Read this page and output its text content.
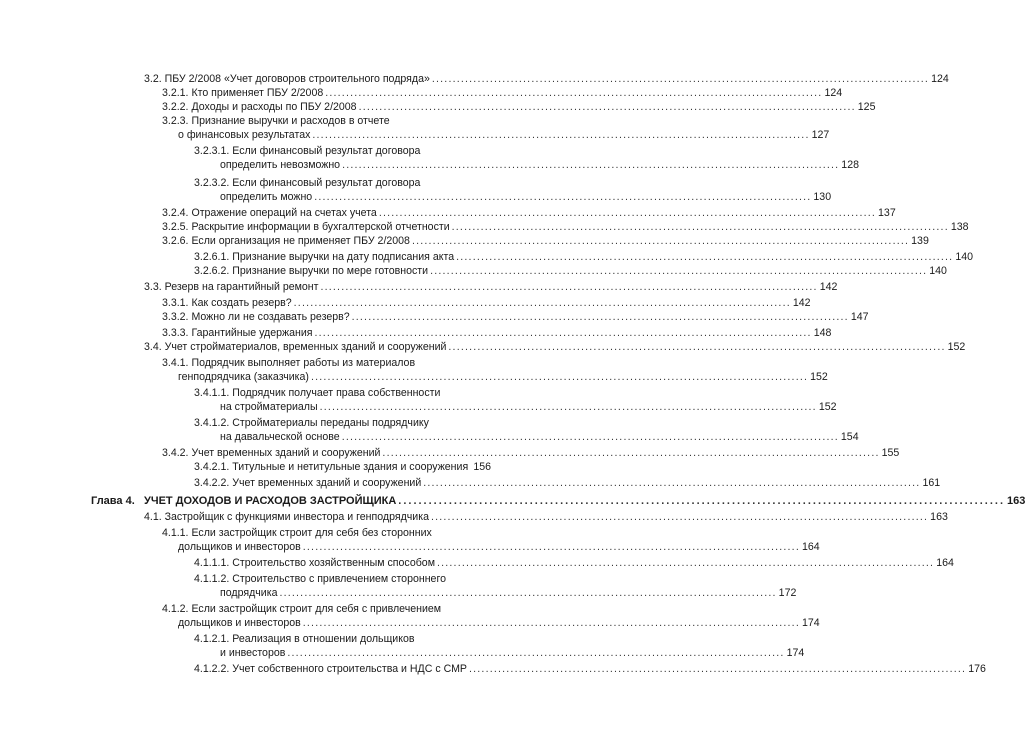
Глава 4.
3.2. ПБУ 2/2008 «Учет договоров строительного подряда» ........................................................................................................................ 124
3.2.1. Кто применяет ПБУ 2/2008 ........................................................................................................................ 124
3.2.2. Доходы и расходы по ПБУ 2/2008 ........................................................................................................................ 125
3.2.3. Признание выручки и расходов в отчете
о финансовых результатах ........................................................................................................................ 127
3.2.3.1. Если финансовый результат договора
определить невозможно ........................................................................................................................ 128
3.2.3.2. Если финансовый результат договора
определить можно ........................................................................................................................ 130
3.2.4. Отражение операций на счетах учета ........................................................................................................................ 137
3.2.5. Раскрытие информации в бухгалтерской отчетности ........................................................................................................................ 138
3.2.6. Если организация не применяет ПБУ 2/2008 ........................................................................................................................ 139
3.2.6.1. Признание выручки на дату подписания акта ........................................................................................................................ 140
3.2.6.2. Признание выручки по мере готовности ........................................................................................................................ 140
3.3. Резерв на гарантийный ремонт ........................................................................................................................ 142
3.3.1. Как создать резерв? ........................................................................................................................ 142
3.3.2. Можно ли не создавать резерв? ........................................................................................................................ 147
3.3.3. Гарантийные удержания ........................................................................................................................ 148
3.4. Учет стройматериалов, временных зданий и сооружений ........................................................................................................................ 152
3.4.1. Подрядчик выполняет работы из материалов
генподрядчика (заказчика) ........................................................................................................................ 152
3.4.1.1. Подрядчик получает права собственности
на стройматериалы ........................................................................................................................ 152
3.4.1.2. Стройматериалы переданы подрядчику
на давальческой основе ........................................................................................................................ 154
3.4.2. Учет временных зданий и сооружений ........................................................................................................................ 155
3.4.2.1. Титульные и нетитульные здания и сооружения 156
3.4.2.2. Учет временных зданий и сооружений ........................................................................................................................ 161
УЧЕТ ДОХОДОВ И РАСХОДОВ ЗАСТРОЙЩИКА ........................................................................................................................ 163
4.1. Застройщик с функциями инвестора и генподрядчика ........................................................................................................................ 163
4.1.1. Если застройщик строит для себя без сторонних
дольщиков и инвесторов ........................................................................................................................ 164
4.1.1.1. Строительство хозяйственным способом ........................................................................................................................ 164
4.1.1.2. Строительство с привлечением стороннего
подрядчика ........................................................................................................................ 172
4.1.2. Если застройщик строит для себя с привлечением
дольщиков и инвесторов ........................................................................................................................ 174
4.1.2.1. Реализация в отношении дольщиков
и инвесторов ........................................................................................................................ 174
4.1.2.2. Учет собственного строительства и НДС с СМР ........................................................................................................................ 176
